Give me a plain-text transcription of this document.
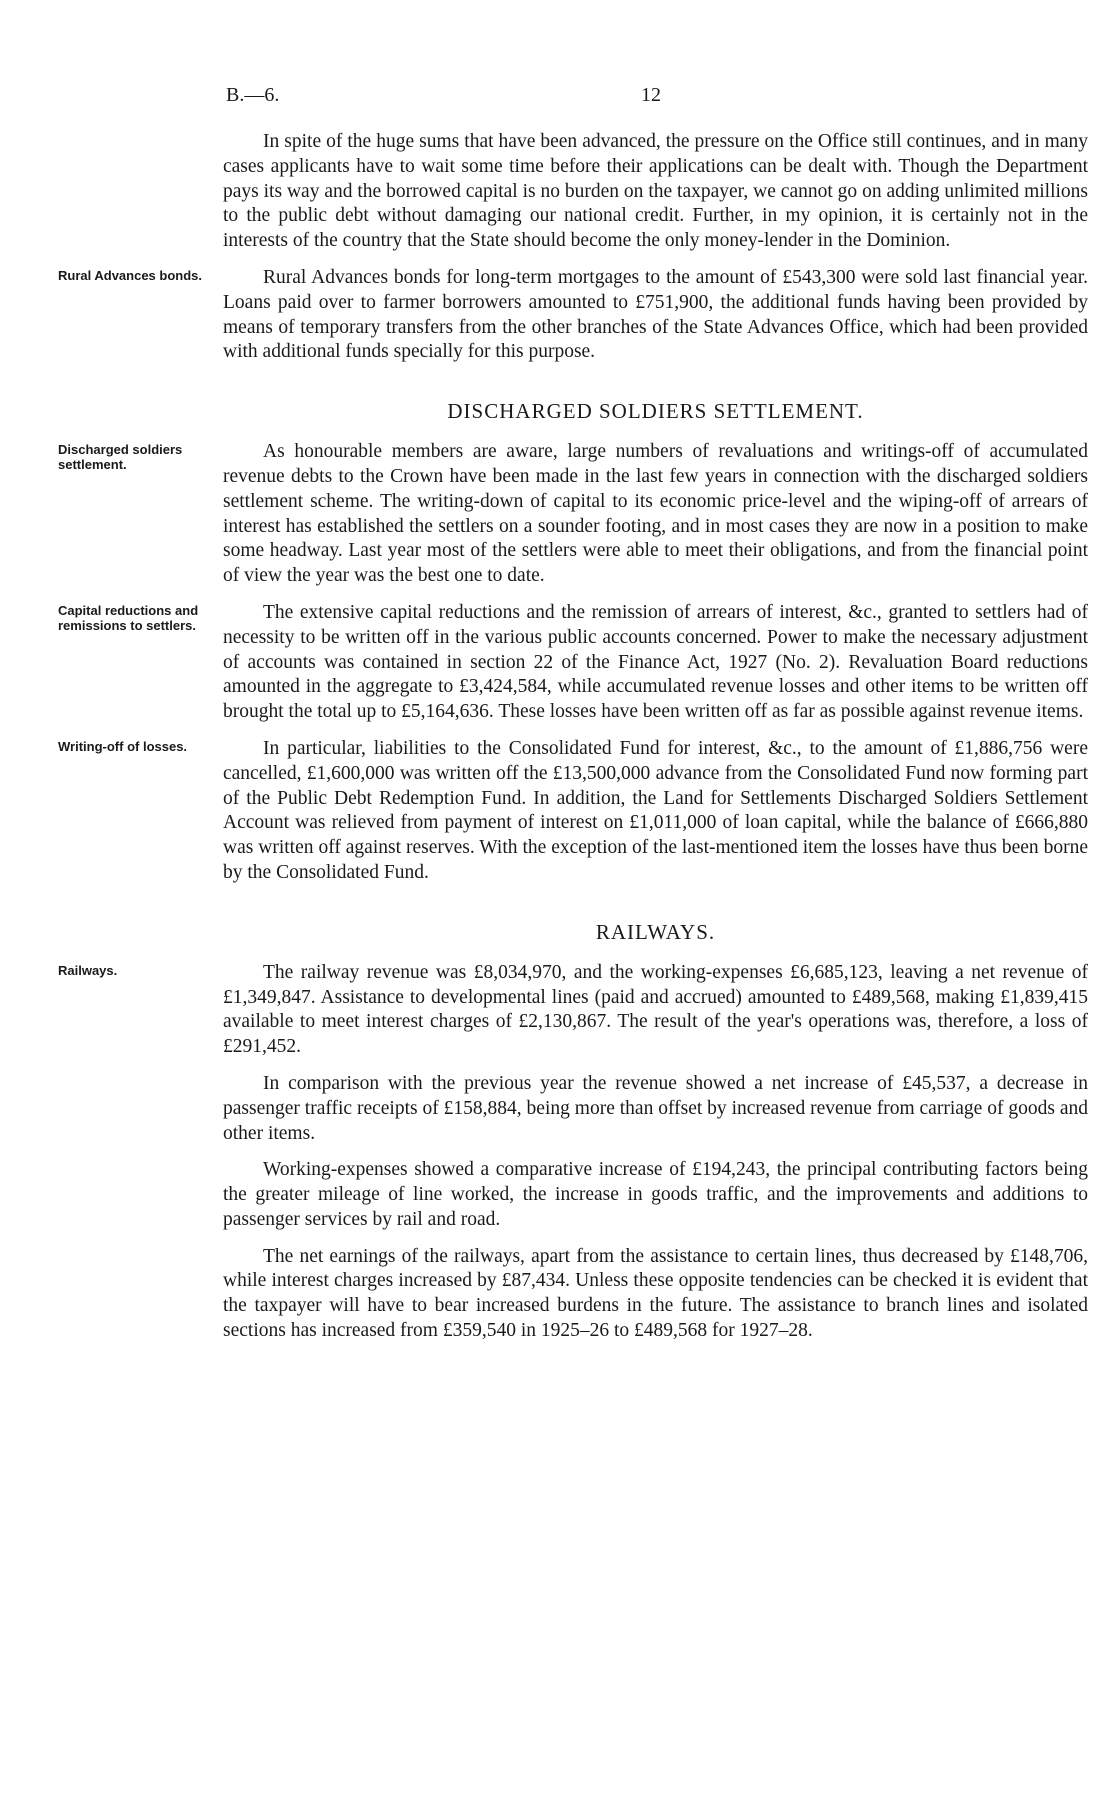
B.—6.	12

In spite of the huge sums that have been advanced, the pressure on the Office still continues, and in many cases applicants have to wait some time before their applications can be dealt with. Though the Department pays its way and the borrowed capital is no burden on the taxpayer, we cannot go on adding unlimited millions to the public debt without damaging our national credit. Further, in my opinion, it is certainly not in the interests of the country that the State should become the only money-lender in the Dominion.

Rural Advances bonds.	Rural Advances bonds for long-term mortgages to the amount of £543,300 were sold last financial year. Loans paid over to farmer borrowers amounted to £751,900, the additional funds having been provided by means of temporary transfers from the other branches of the State Advances Office, which had been provided with additional funds specially for this purpose.

DISCHARGED SOLDIERS SETTLEMENT.
Discharged soldiers settlement.

As honourable members are aware, large numbers of revaluations and writings-off of accumulated revenue debts to the Crown have been made in the last few years in connection with the discharged soldiers settlement scheme. The writing-down of capital to its economic price-level and the wiping-off of arrears of interest has established the settlers on a sounder footing, and in most cases they are now in a position to make some headway. Last year most of the settlers were able to meet their obligations, and from the financial point of view the year was the best one to date.

Capital reductions and remissions to settlers.

The extensive capital reductions and the remission of arrears of interest, &c., granted to settlers had of necessity to be written off in the various public accounts concerned. Power to make the necessary adjustment of accounts was contained in section 22 of the Finance Act, 1927 (No. 2). Revaluation Board reductions amounted in the aggregate to £3,424,584, while accumulated revenue losses and other items to be written off brought the total up to £5,164,636. These losses have been written off as far as possible against revenue items.

Writing-off of losses.	In particular, liabilities to the Consolidated Fund for interest, &c., to the amount of £1,886,756 were cancelled, £1,600,000 was written off the £13,500,000 advance from the Consolidated Fund now forming part of the Public Debt Redemption Fund. In addition, the Land for Settlements Discharged Soldiers Settlement Account was relieved from payment of interest on £1,011,000 of loan capital, while the balance of £666,880 was written off against reserves. With the exception of the last-mentioned item the losses have thus been borne by the Consolidated Fund.

RAILWAYS.
Railways.	The railway revenue was £8,034,970, and the working-expenses £6,685,123, leaving a net revenue of £1,349,847. Assistance to developmental lines (paid and accrued) amounted to £489,568, making £1,839,415 available to meet interest charges of £2,130,867. The result of the year's operations was, therefore, a loss of £291,452.

In comparison with the previous year the revenue showed a net increase of £45,537, a decrease in passenger traffic receipts of £158,884, being more than offset by increased revenue from carriage of goods and other items.

Working-expenses showed a comparative increase of £194,243, the principal contributing factors being the greater mileage of line worked, the increase in goods traffic, and the improvements and additions to passenger services by rail and road.

The net earnings of the railways, apart from the assistance to certain lines, thus decreased by £148,706, while interest charges increased by £87,434. Unless these opposite tendencies can be checked it is evident that the taxpayer will have to bear increased burdens in the future. The assistance to branch lines and isolated sections has increased from £359,540 in 1925–26 to £489,568 for 1927–28.
